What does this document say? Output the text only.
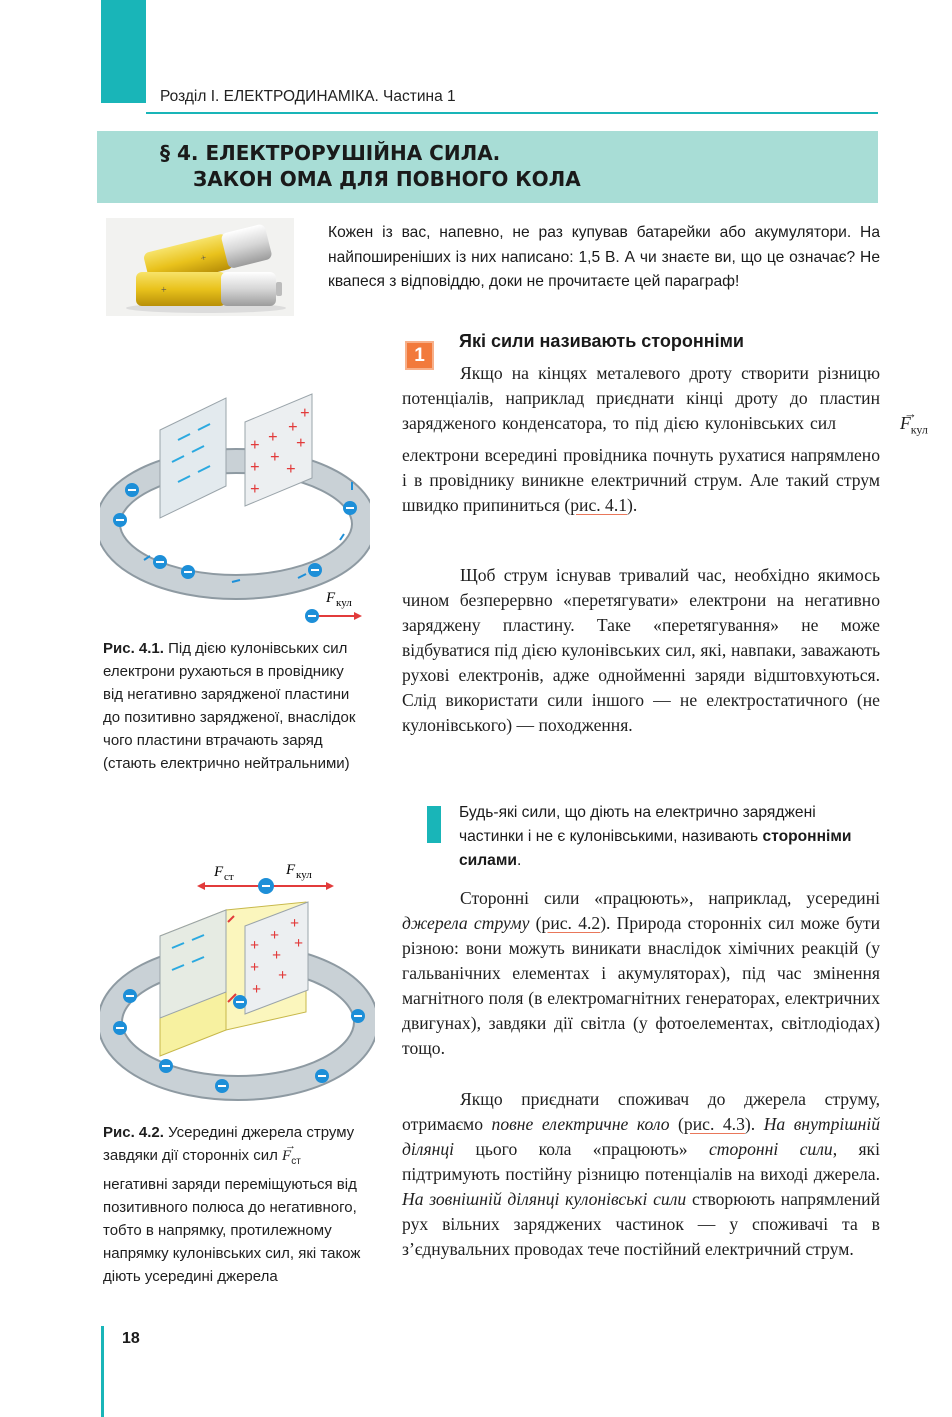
Розділ І. ЕЛЕКТРОДИНАМІКА. Частина 1
§ 4. ЕЛЕКТРОРУШІЙНА СИЛА.
ЗАКОН ОМА ДЛЯ ПОВНОГО КОЛА
+
+
Кожен із вас, напевно, не раз купував батарейки або акумулятори. На найпоширеніших із них написано: 1,5 В. А чи знаєте ви, що це означає? Не квапеся з відповіддю, доки не прочитаєте цей параграф!
1
Які сили називають сторонніми

Якщо на кінцях металевого дроту створити різницю потенціалів, наприклад приєднати кінці дроту до пластин зарядженого конденсатора, то під дією кулонівських сил	→
$F_{кул}$ електрони всередині провідника почнуть рухатися напрямлено і в провіднику виникне електричний струм. Але такий струм швидко припиниться (рис. 4.1).

Щоб струм існував тривалий час, необхідно якимось чином безперервно «перетягувати» електрони на негативно заряджену пластину. Таке «перетягування» не може відбуватися під дією кулонівських сил, які, навпаки, заважають руховi електронів, адже однойменні заряди відштовхуються. Слід використати сили іншого — не електростатичного (не кулонівського) — походження.

Будь-які сили, що діють на електрично заряджені частинки і не є кулонівськими, називають сторонніми силами.

Сторонні сили «працюють», наприклад, усередині джерела струму (рис. 4.2). Природа сторонніх сил може бути різною: вони можуть виникати внаслідок хімічних реакцій (у гальванічних елементах і акумуляторах), під час змінення магнітного поля (в електромагнітних генераторах, електричних двигунах), завдяки дії світла (у фотоелементах, світлодіодах) тощо.

Якщо приєднати споживач до джерела струму, отримаємо повне електричне коло (рис. 4.3). На внутрішній ділянці цього кола «працюють» сторонні сили, які підтримують постійну різницю потенціалів на виході джерела. На зовнішній ділянці кулонівські сили створюють напрямлений рух вільних заряджених частинок — у споживачі та в з’єднувальних проводах тече постійний електричний струм.

+ +
+
+
+
+
+
+
+
F кул
Рис. 4.1. Під дією кулонівських сил електрони рухаються в провіднику від негативно зарядженої пластини до позитивно зарядженої, внаслідок чого пластини втрачають заряд (стають електрично нейтральними)
F ст	F кул
+
+
+
+
+
+
+
+
Рис. 4.2. Усередині джерела струму завдяки дії сторонніх сил
→
$F_{ст}$ негативні заряди переміщуються від позитивного полюса до негативного, тобто в напрямку, протилежному напрямку кулонівських сил, які також діють усередині джерела
18
